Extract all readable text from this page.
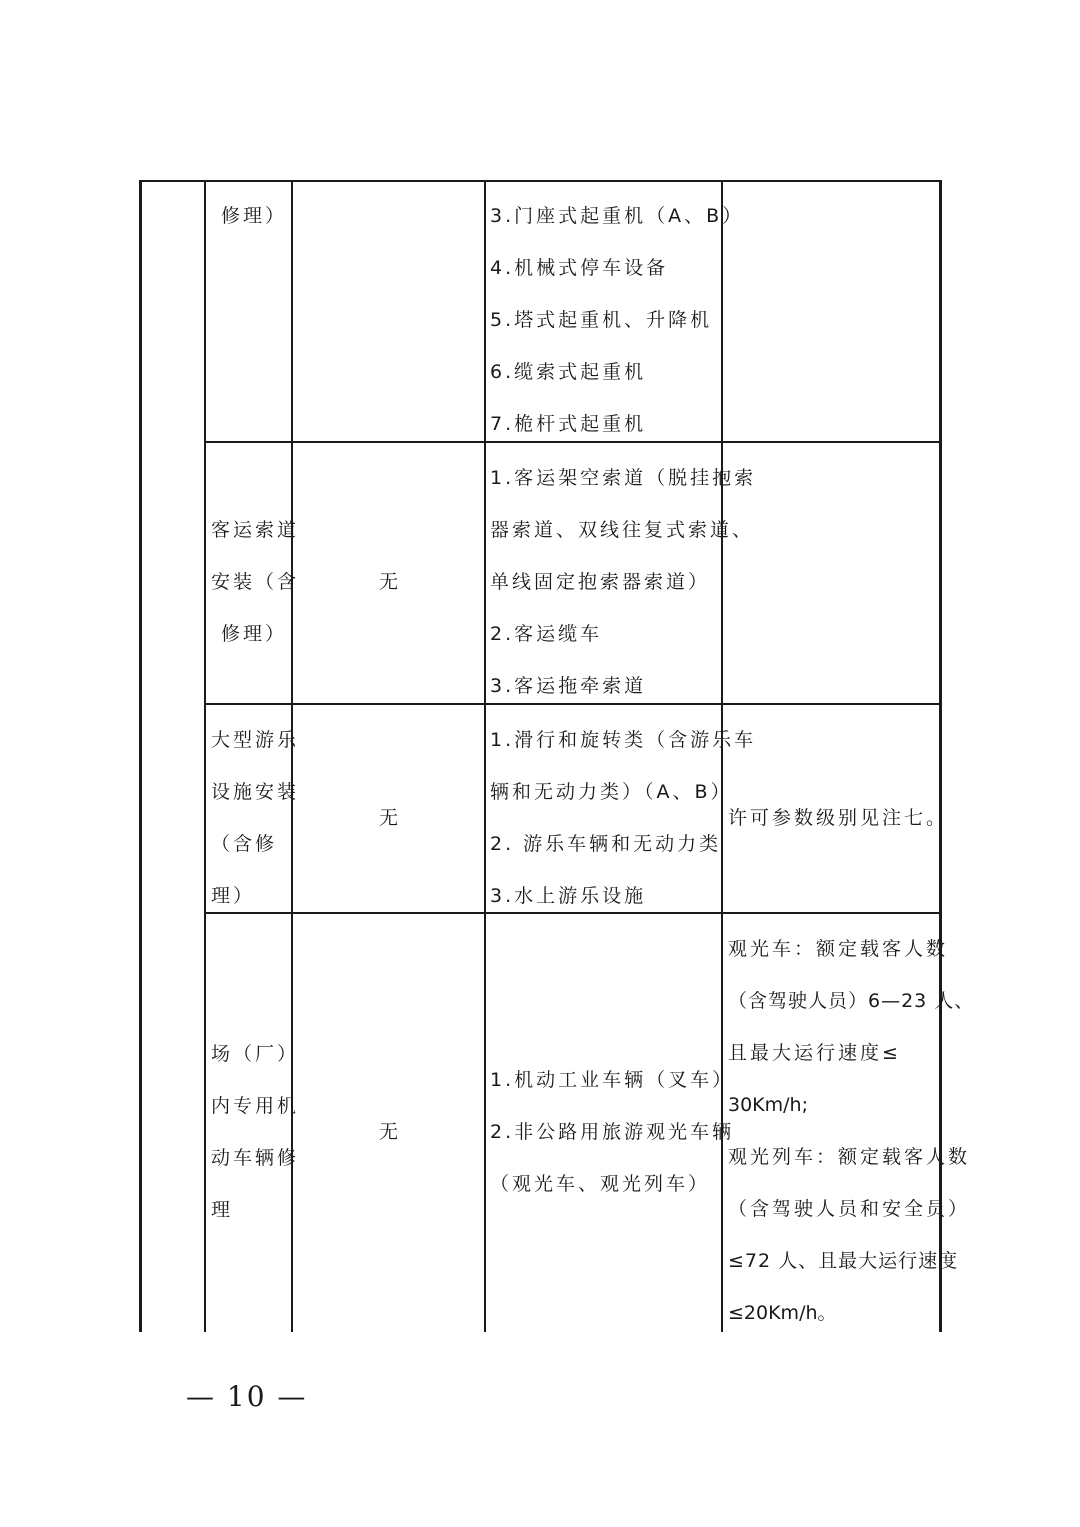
修理）	3.门座式起重机（A、B）
4.机械式停车设备
5.塔式起重机、升降机
6.缆索式起重机
7.桅杆式起重机
客运索道
安装（含
修理）
无
1.客运架空索道（脱挂抱索
器索道、双线往复式索道、
单线固定抱索器索道）
2.客运缆车
3.客运拖牵索道
大型游乐
设施安装
（含修
理）
无
1.滑行和旋转类（含游乐车
辆和无动力类）（A、B）
2. 游乐车辆和无动力类
3.水上游乐设施
许可参数级别见注七。
场（厂）
内专用机
动车辆修
理
无
1.机动工业车辆（叉车）
2.非公路用旅游观光车辆
（观光车、观光列车）
观光车：额定载客人数
（含驾驶人员）6—23 人、
且最大运行速度≤
30Km/h;
观光列车：额定载客人数
（含驾驶人员和安全员）
≤72 人、且最大运行速度
≤20Km/h。
— 10 —
